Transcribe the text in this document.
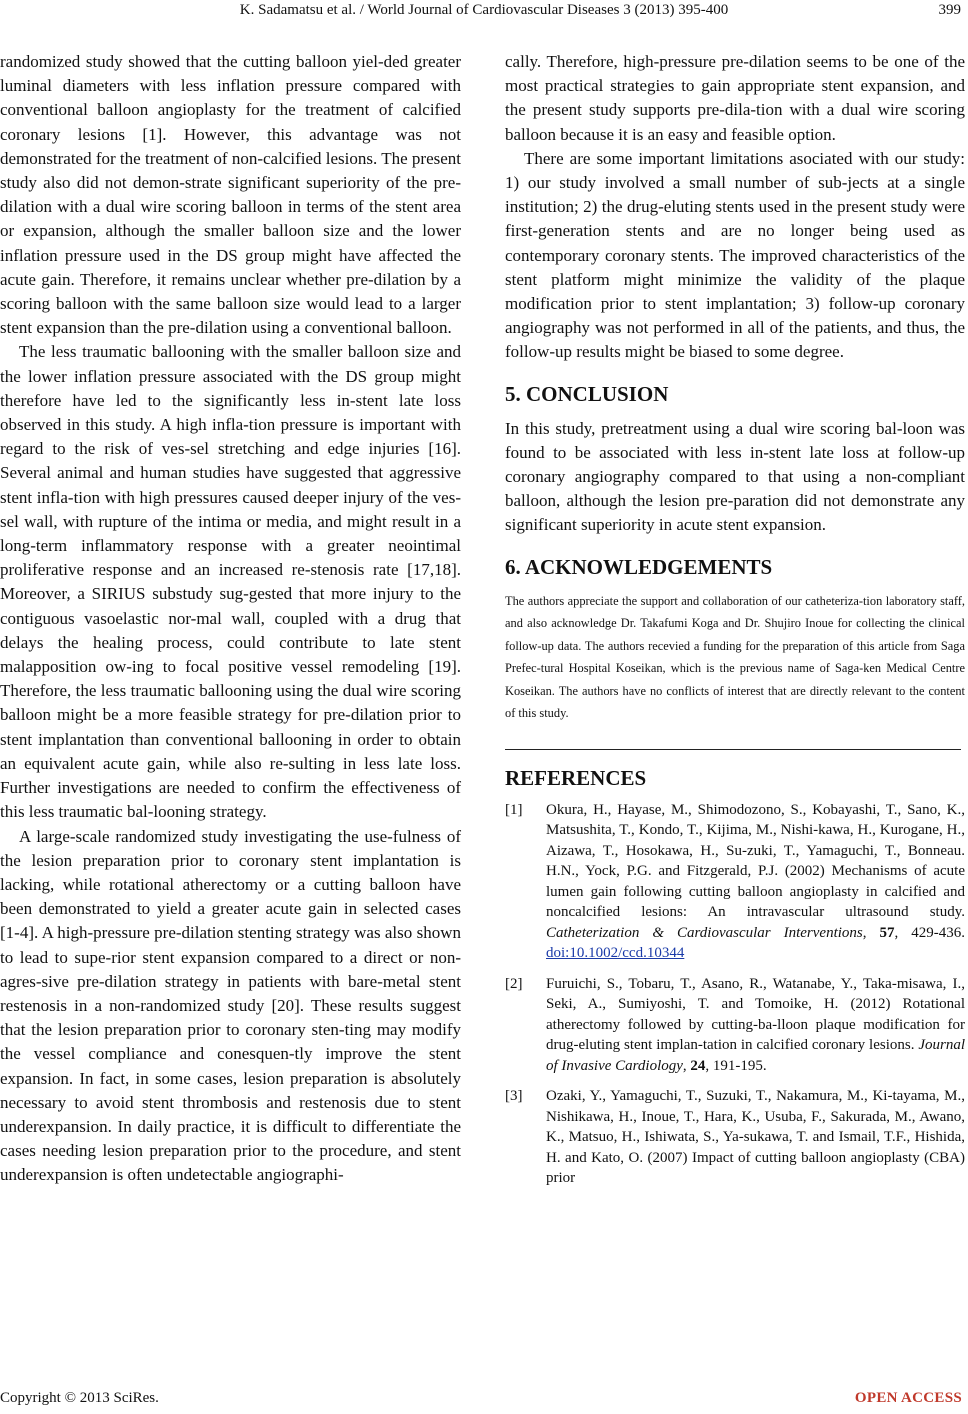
K. Sadamatsu et al. / World Journal of Cardiovascular Diseases 3 (2013) 395-400	399

randomized study showed that the cutting balloon yiel-ded greater luminal diameters with less inflation pressure compared with conventional balloon angioplasty for the treatment of calcified coronary lesions [1]. However, this advantage was not demonstrated for the treatment of non-calcified lesions. The present study also did not demon-strate significant superiority of the pre-dilation with a dual wire scoring balloon in terms of the stent area or expansion, although the smaller balloon size and the lower inflation pressure used in the DS group might have affected the acute gain. Therefore, it remains unclear whether pre-dilation by a scoring balloon with the same balloon size would lead to a larger stent expansion than the pre-dilation using a conventional balloon.

The less traumatic ballooning with the smaller balloon size and the lower inflation pressure associated with the DS group might therefore have led to the significantly less in-stent late loss observed in this study. A high infla-tion pressure is important with regard to the risk of ves-sel stretching and edge injuries [16]. Several animal and human studies have suggested that aggressive stent infla-tion with high pressures caused deeper injury of the ves-sel wall, with rupture of the intima or media, and might result in a long-term inflammatory response with a greater neointimal proliferative response and an increased re-stenosis rate [17,18]. Moreover, a SIRIUS substudy sug-gested that more injury to the contiguous vasoelastic nor-mal wall, coupled with a drug that delays the healing process, could contribute to late stent malapposition ow-ing to focal positive vessel remodeling [19]. Therefore, the less traumatic ballooning using the dual wire scoring balloon might be a more feasible strategy for pre-dilation prior to stent implantation than conventional ballooning in order to obtain an equivalent acute gain, while also re-sulting in less late loss. Further investigations are needed to confirm the effectiveness of this less traumatic bal-looning strategy.

A large-scale randomized study investigating the use-fulness of the lesion preparation prior to coronary stent implantation is lacking, while rotational atherectomy or a cutting balloon have been demonstrated to yield a greater acute gain in selected cases [1-4]. A high-pressure pre-dilation stenting strategy was also shown to lead to supe-rior stent expansion compared to a direct or non-agres-sive pre-dilation strategy in patients with bare-metal stent restenosis in a non-randomized study [20]. These results suggest that the lesion preparation prior to coronary sten-ting may modify the vessel compliance and conesquen-tly improve the stent expansion. In fact, in some cases, lesion preparation is absolutely necessary to avoid stent thrombosis and restenosis due to stent underexpansion. In daily practice, it is difficult to differentiate the cases needing lesion preparation prior to the procedure, and stent underexpansion is often undetectable angiographi-

cally. Therefore, high-pressure pre-dilation seems to be one of the most practical strategies to gain appropriate stent expansion, and the present study supports pre-dila-tion with a dual wire scoring balloon because it is an easy and feasible option.

There are some important limitations asociated with our study: 1) our study involved a small number of sub-jects at a single institution; 2) the drug-eluting stents used in the present study were first-generation stents and are no longer being used as contemporary coronary stents. The improved characteristics of the stent platform might minimize the validity of the plaque modification prior to stent implantation; 3) follow-up coronary angiography was not performed in all of the patients, and thus, the follow-up results might be biased to some degree.

5. CONCLUSION

In this study, pretreatment using a dual wire scoring bal-loon was found to be associated with less in-stent late loss at follow-up coronary angiography compared to that using a non-compliant balloon, although the lesion pre-paration did not demonstrate any significant superiority in acute stent expansion.

6. ACKNOWLEDGEMENTS

The authors appreciate the support and collaboration of our catheteriza-tion laboratory staff, and also acknowledge Dr. Takafumi Koga and Dr. Shujiro Inoue for collecting the clinical follow-up data. The authors recevied a funding for the preparation of this article from Saga Prefec-tural Hospital Koseikan, which is the previous name of Saga-ken Medical Centre Koseikan. The authors have no conflicts of interest that are directly relevant to the content of this study.

REFERENCES
[1]	Okura, H., Hayase, M., Shimodozono, S., Kobayashi, T., Sano, K., Matsushita, T., Kondo, T., Kijima, M., Nishi-kawa, H., Kurogane, H., Aizawa, T., Hosokawa, H., Su-zuki, T., Yamaguchi, T., Bonneau. H.N., Yock, P.G. and Fitzgerald, P.J. (2002) Mechanisms of acute lumen gain following cutting balloon angioplasty in calcified and noncalcified lesions: An intravascular ultrasound study. Catheterization & Cardiovascular Interventions, 57, 429-436. doi:10.1002/ccd.10344
[2]	Furuichi, S., Tobaru, T., Asano, R., Watanabe, Y., Taka-misawa, I., Seki, A., Sumiyoshi, T. and Tomoike, H. (2012) Rotational atherectomy followed by cutting-ba-lloon plaque modification for drug-eluting stent implan-tation in calcified coronary lesions. Journal of Invasive Cardiology, 24, 191-195.
[3]	Ozaki, Y., Yamaguchi, T., Suzuki, T., Nakamura, M., Ki-tayama, M., Nishikawa, H., Inoue, T., Hara, K., Usuba, F., Sakurada, M., Awano, K., Matsuo, H., Ishiwata, S., Ya-sukawa, T. and Ismail, T.F., Hishida, H. and Kato, O. (2007) Impact of cutting balloon angioplasty (CBA) prior
Copyright © 2013 SciRes.	OPEN ACCESS
